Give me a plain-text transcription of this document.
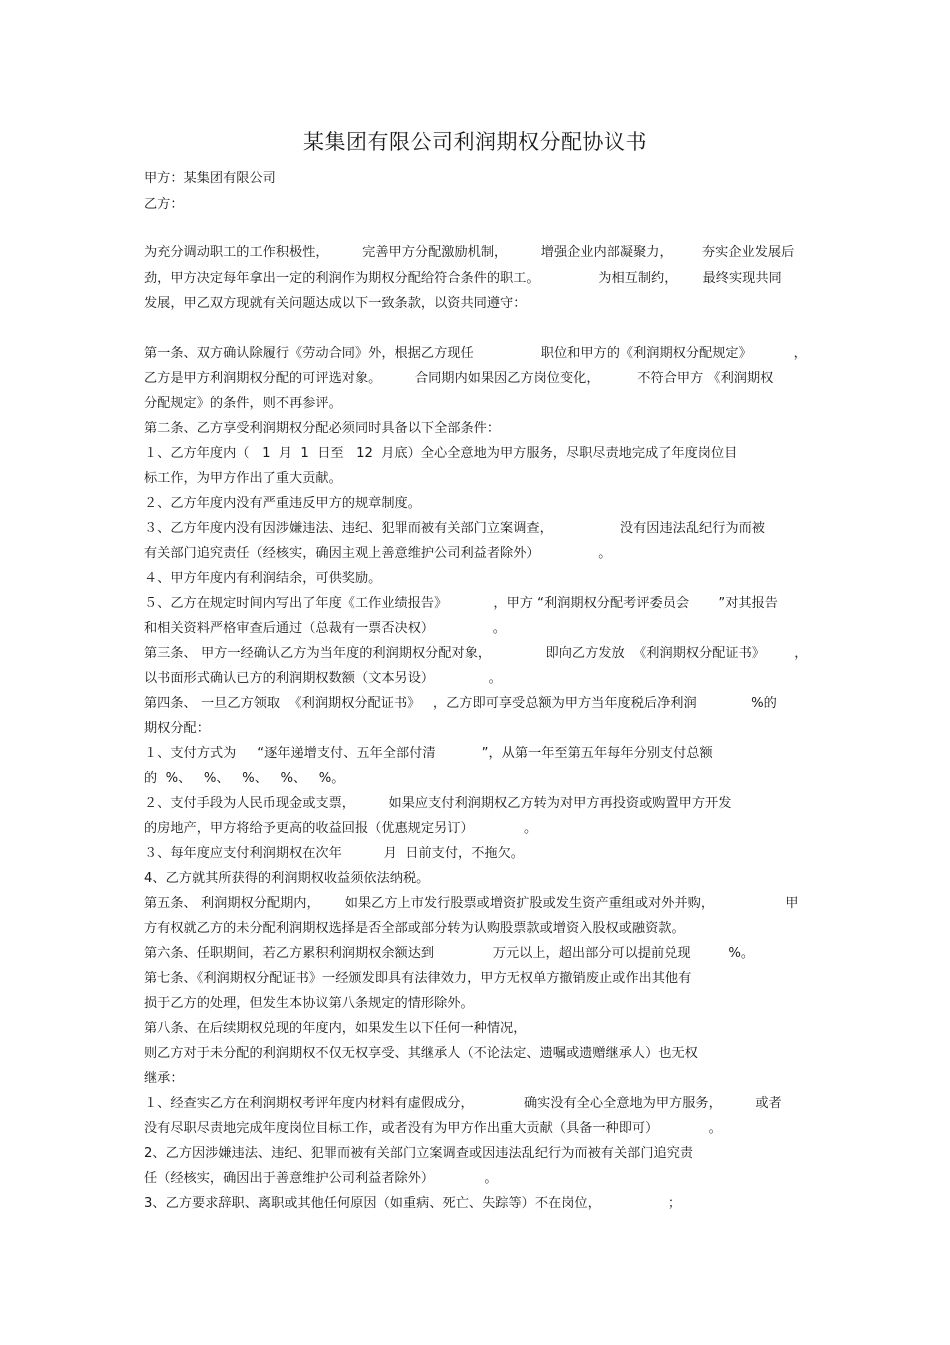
某集团有限公司利润期权分配协议书
甲方：某集团有限公司
乙方：
为充分调动职工的工作积极性，        完善甲方分配激励机制，        增强企业内部凝聚力，       夯实企业发展后
劲，甲方决定每年拿出一定的利润作为期权分配给符合条件的职工。              为相互制约，      最终实现共同
发展，甲乙双方现就有关问题达成以下一致条款，以资共同遵守：
第一条、双方确认除履行《劳动合同》外，根据乙方现任                职位和甲方的《利润期权分配规定》          ，
乙方是甲方利润期权分配的可评选对象。        合同期内如果因乙方岗位变化，         不符合甲方 《利润期权
分配规定》的条件，则不再参评。
第二条、乙方享受利润期权分配必须同时具备以下全部条件：
１、乙方年度内（   1  月  1  日至   12  月底）全心全意地为甲方服务，尽职尽责地完成了年度岗位目
标工作，为甲方作出了重大贡献。
２、乙方年度内没有严重违反甲方的规章制度。
３、乙方年度内没有因涉嫌违法、违纪、犯罪而被有关部门立案调查，                没有因违法乱纪行为而被
有关部门追究责任（经核实，确因主观上善意维护公司利益者除外）              。
４、甲方年度内有利润结余，可供奖励。
５、乙方在规定时间内写出了年度《工作业绩报告》           ，甲方 “利润期权分配考评委员会       ”对其报告
和相关资料严格审查后通过（总裁有一票否决权）              。
第三条、 甲方一经确认乙方为当年度的利润期权分配对象，             即向乙方发放  《利润期权分配证书》       ，
以书面形式确认已方的利润期权数额（文本另设）             。
第四条、 一旦乙方领取  《利润期权分配证书》   ，乙方即可享受总额为甲方当年度税后净利润             %的
期权分配：
１、支付方式为     “逐年递增支付、五年全部付清           ”，从第一年至第五年每年分别支付总额
的  %、   %、   %、   %、   %。
２、支付手段为人民币现金或支票，        如果应支付利润期权乙方转为对甲方再投资或购置甲方开发
的房地产，甲方将给予更高的收益回报（优惠规定另订）            。
３、每年度应支付利润期权在次年          月  日前支付，不拖欠。
4、乙方就其所获得的利润期权收益须依法纳税。
第五条、 利润期权分配期内，      如果乙方上市发行股票或增资扩股或发生资产重组或对外并购，                 甲
方有权就乙方的未分配利润期权选择是否全部或部分转为认购股票款或增资入股权或融资款。
第六条、任职期间，若乙方累积利润期权余额达到              万元以上，超出部分可以提前兑现         %。
第七条、《利润期权分配证书》一经颁发即具有法律效力，甲方无权单方撤销废止或作出其他有
损于乙方的处理，但发生本协议第八条规定的情形除外。
第八条、在后续期权兑现的年度内，如果发生以下任何一种情况，
则乙方对于未分配的利润期权不仅无权享受、其继承人（不论法定、遗嘱或遗赠继承人）也无权
继承：
１、经查实乙方在利润期权考评年度内材料有虚假成分，            确实没有全心全意地为甲方服务，        或者
没有尽职尽责地完成年度岗位目标工作，或者没有为甲方作出重大贡献（具备一种即可）            。
2、乙方因涉嫌违法、违纪、犯罪而被有关部门立案调查或因违法乱纪行为而被有关部门追究责
任（经核实，确因出于善意维护公司利益者除外）            。
3、乙方要求辞职、离职或其他任何原因（如重病、死亡、失踪等）不在岗位，                ；
